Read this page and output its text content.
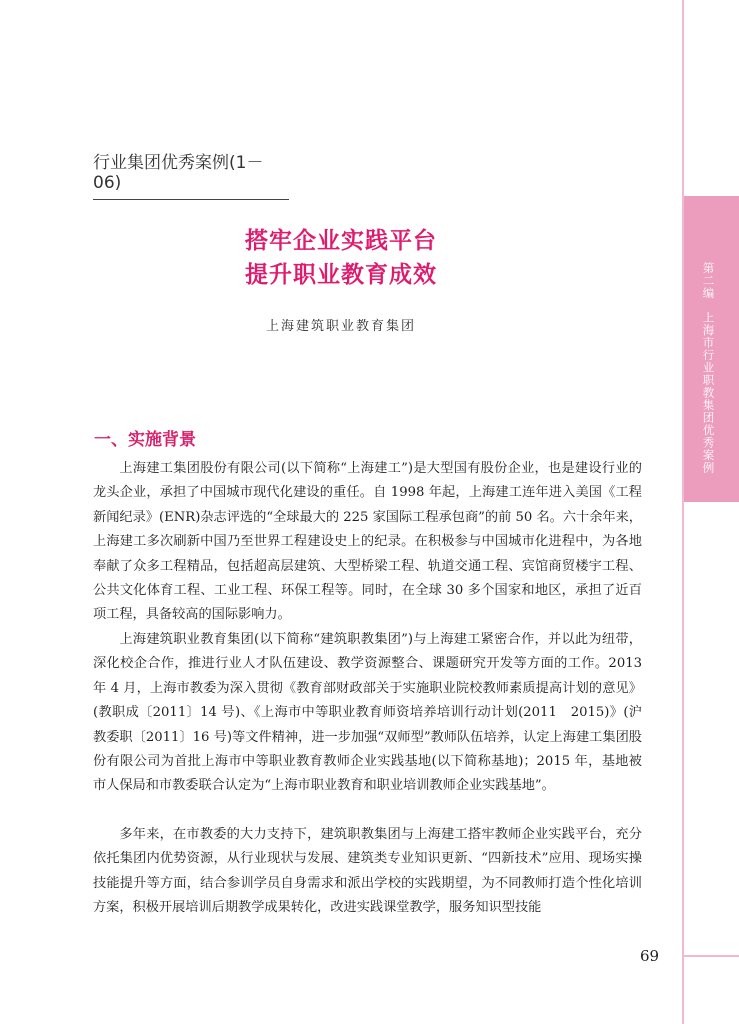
第二编上海市行业职教集团优秀案例
行业集团优秀案例(1－06)
搭牢企业实践平台
提升职业教育成效
上海建筑职业教育集团
一、实施背景

上海建工集团股份有限公司(以下简称“上海建工”)是大型国有股份企业，也是建设行业的龙头企业，承担了中国城市现代化建设的重任。自 1998 年起，上海建工连年进入美国《工程新闻纪录》(ENR)杂志评选的“全球最大的 225 家国际工程承包商”的前 50 名。六十余年来，上海建工多次刷新中国乃至世界工程建设史上的纪录。在积极参与中国城市化进程中，为各地奉献了众多工程精品，包括超高层建筑、大型桥梁工程、轨道交通工程、宾馆商贸楼宇工程、公共文化体育工程、工业工程、环保工程等。同时，在全球 30 多个国家和地区，承担了近百项工程，具备较高的国际影响力。

上海建筑职业教育集团(以下简称“建筑职教集团”)与上海建工紧密合作，并以此为纽带，深化校企合作，推进行业人才队伍建设、教学资源整合、课题研究开发等方面的工作。2013 年 4 月，上海市教委为深入贯彻《教育部财政部关于实施职业院校教师素质提高计划的意见》(教职成〔2011〕14 号)、《上海市中等职业教育师资培养培训行动计划(2011　2015)》(沪教委职〔2011〕16 号)等文件精神，进一步加强“双师型”教师队伍培养，认定上海建工集团股份有限公司为首批上海市中等职业教育教师企业实践基地(以下简称基地)；2015 年，基地被市人保局和市教委联合认定为“上海市职业教育和职业培训教师企业实践基地”。

多年来，在市教委的大力支持下，建筑职教集团与上海建工搭牢教师企业实践平台，充分依托集团内优势资源，从行业现状与发展、建筑类专业知识更新、“四新技术”应用、现场实操技能提升等方面，结合参训学员自身需求和派出学校的实践期望，为不同教师打造个性化培训方案，积极开展培训后期教学成果转化，改进实践课堂教学，服务知识型技能

69
